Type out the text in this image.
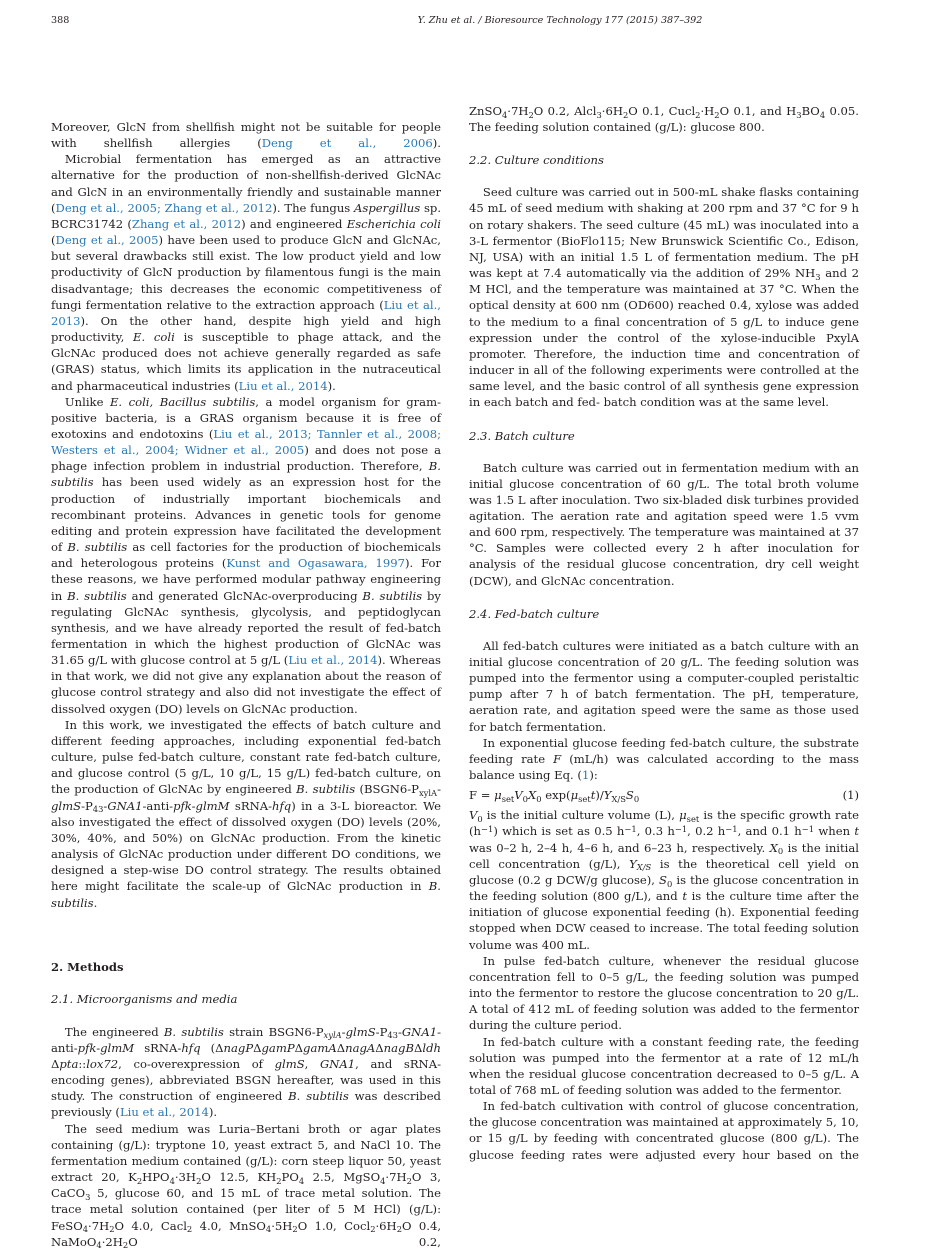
388	Y. Zhu et al. / Bioresource Technology 177 (2015) 387–392

Moreover, GlcN from shellfish might not be suitable for people with shellfish allergies (Deng et al., 2006).

Microbial fermentation has emerged as an attractive alternative for the production of non-shellfish-derived GlcNAc and GlcN in an environmentally friendly and sustainable manner (Deng et al., 2005; Zhang et al., 2012). The fungus Aspergillus sp. BCRC31742 (Zhang et al., 2012) and engineered Escherichia coli (Deng et al., 2005) have been used to produce GlcN and GlcNAc, but several drawbacks still exist. The low product yield and low productivity of GlcN production by filamentous fungi is the main disadvantage; this decreases the economic competitiveness of fungi fermentation relative to the extraction approach (Liu et al., 2013). On the other hand, despite high yield and high productivity, E. coli is susceptible to phage attack, and the GlcNAc produced does not achieve generally regarded as safe (GRAS) status, which limits its application in the nutraceutical and pharmaceutical industries (Liu et al., 2014).

Unlike E. coli, Bacillus subtilis, a model organism for gram-positive bacteria, is a GRAS organism because it is free of exotoxins and endotoxins (Liu et al., 2013; Tannler et al., 2008; Westers et al., 2004; Widner et al., 2005) and does not pose a phage infection problem in industrial production. Therefore, B. subtilis has been used widely as an expression host for the production of industrially important biochemicals and recombinant proteins. Advances in genetic tools for genome editing and protein expression have facilitated the development of B. subtilis as cell factories for the production of biochemicals and heterologous proteins (Kunst and Ogasawara, 1997). For these reasons, we have performed modular pathway engineering in B. subtilis and generated GlcNAc-overproducing B. subtilis by regulating GlcNAc synthesis, glycolysis, and peptidoglycan synthesis, and we have already reported the result of fed-batch fermentation in which the highest production of GlcNAc was 31.65 g/L with glucose control at 5 g/L (Liu et al., 2014). Whereas in that work, we did not give any explanation about the reason of glucose control strategy and also did not investigate the effect of dissolved oxygen (DO) levels on GlcNAc production.

In this work, we investigated the effects of batch culture and different feeding approaches, including exponential fed-batch culture, pulse fed-batch culture, constant rate fed-batch culture, and glucose control (5 g/L, 10 g/L, 15 g/L) fed-batch culture, on the production of GlcNAc by engineered B. subtilis ($BSGN6-P_{xylA}-glmS-P_{43}-GNA1-anti-pfk$-glmM sRNA-hfq) in a 3-L bioreactor. We also investigated the effect of dissolved oxygen (DO) levels (20%, 30%, 40%, and 50%) on GlcNAc production. From the kinetic analysis of GlcNAc production under different DO conditions, we designed a step-wise DO control strategy. The results obtained here might facilitate the scale-up of GlcNAc production in B. subtilis.

2. Methods
2.1. Microorganisms and media

The engineered B. subtilis strain $BSGN6-P_{xylA}-glmS-P_{43}-GNA1-anti-pfk$-glmM sRNA-hfq (ΔnagPΔgamPΔgamAΔnagAΔnagBΔldh Δpta::lox72, co-overexpression of glmS, GNA1, and sRNA-encoding genes), abbreviated BSGN hereafter, was used in this study. The construction of engineered B. subtilis was described previously (Liu et al., 2014).

The seed medium was Luria–Bertani broth or agar plates containing (g/L): tryptone 10, yeast extract 5, and NaCl 10. The fermentation medium contained (g/L): corn steep liquor 50, yeast extract 20, $K_2HPO_4\cdot 3H_2O$ 12.5, $KH_2PO_4$ 2.5, $MgSO_4\cdot 7H_2O$ 3, CaCO$_3$ 5, glucose 60, and 15 mL of trace metal solution. The trace metal solution contained (per liter of 5 M HCl) (g/L): $FeSO_4\cdot 7H_2O$ 4.0, Cacl$_2$ 4.0, $MnSO_4\cdot 5H_2O$ 1.0, $Cocl_2\cdot 6H_2O$ 0.4, $NaMoO_4\cdot 2H_2O$ 0.2,

$ZnSO_4\cdot 7H_2O$ 0.2, $Alcl_3\cdot 6H_2O$ 0.1, $Cucl_2\cdot H_2O$ 0.1, and $H_3BO_4$ 0.05. The feeding solution contained (g/L): glucose 800.

2.2. Culture conditions

Seed culture was carried out in 500-mL shake flasks containing 45 mL of seed medium with shaking at 200 rpm and 37 °C for 9 h on rotary shakers. The seed culture (45 mL) was inoculated into a 3-L fermentor (BioFlo115; New Brunswick Scientific Co., Edison, NJ, USA) with an initial 1.5 L of fermentation medium. The pH was kept at 7.4 automatically via the addition of 29% $NH_3$ and 2 M HCl, and the temperature was maintained at 37 °C. When the optical density at 600 nm (OD600) reached 0.4, xylose was added to the medium to a final concentration of 5 g/L to induce gene expression under the control of the xylose-inducible PxylA promoter. Therefore, the induction time and concentration of inducer in all of the following experiments were controlled at the same level, and the basic control of all synthesis gene expression in each batch and fed- batch condition was at the same level.

2.3. Batch culture

Batch culture was carried out in fermentation medium with an initial glucose concentration of 60 g/L. The total broth volume was 1.5 L after inoculation. Two six-bladed disk turbines provided agitation. The aeration rate and agitation speed were 1.5 vvm and 600 rpm, respectively. The temperature was maintained at 37 °C. Samples were collected every 2 h after inoculation for analysis of the residual glucose concentration, dry cell weight (DCW), and GlcNAc concentration.

2.4. Fed-batch culture

All fed-batch cultures were initiated as a batch culture with an initial glucose concentration of 20 g/L. The feeding solution was pumped into the fermentor using a computer-coupled peristaltic pump after 7 h of batch fermentation. The pH, temperature, aeration rate, and agitation speed were the same as those used for batch fermentation.

In exponential glucose feeding fed-batch culture, the substrate feeding rate F (mL/h) was calculated according to the mass balance using Eq. (1):

$F = \mu_{set}V_0X_0$ $\exp(\mu_{set}t)/Y_{X/S}S_0$	(1)

$V_0$ is the initial culture volume (L), $\mu_{set}$ is the specific growth rate $(h^{-1})$ which is set as 0.5 $h^{-1}$, 0.3 $h^{-1}$, 0.2 $h^{-1}$, and 0.1 $h^{-1}$ when t was 0–2 h, 2–4 h, 4–6 h, and 6–23 h, respectively. $X_0$ is the initial cell concentration (g/L), $Y_{X/S}$ is the theoretical cell yield on glucose (0.2 g DCW/g glucose), $S_0$ is the glucose concentration in the feeding solution (800 g/L), and t is the culture time after the initiation of glucose exponential feeding (h). Exponential feeding stopped when DCW ceased to increase. The total feeding solution volume was 400 mL.

In pulse fed-batch culture, whenever the residual glucose concentration fell to 0–5 g/L, the feeding solution was pumped into the fermentor to restore the glucose concentration to 20 g/L. A total of 412 mL of feeding solution was added to the fermentor during the culture period.

In fed-batch culture with a constant feeding rate, the feeding solution was pumped into the fermentor at a rate of 12 mL/h when the residual glucose concentration decreased to 0–5 g/L. A total of 768 mL of feeding solution was added to the fermentor.

In fed-batch cultivation with control of glucose concentration, the glucose concentration was maintained at approximately 5, 10, or 15 g/L by feeding with concentrated glucose (800 g/L). The glucose feeding rates were adjusted every hour based on the
